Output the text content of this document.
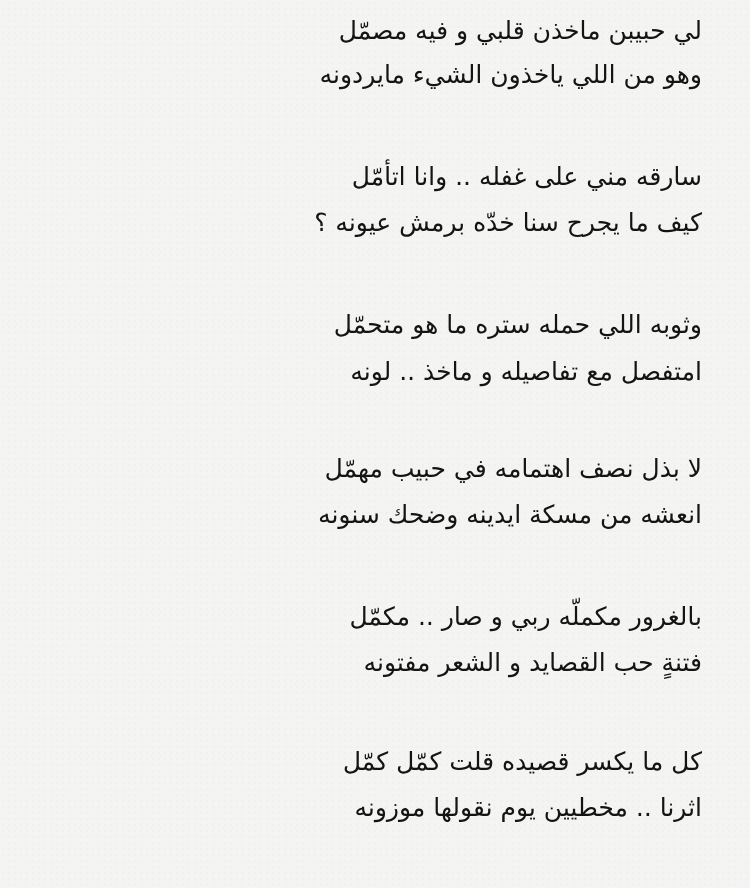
لي حبيبن ماخذن قلبي و فيه مصمّل
وهو من اللي ياخذون الشيء مايردونه
سارقه مني على غفله .. وانا اتأمّل
كيف ما يجرح سنا خدّه برمش عيونه ؟
وثوبه اللي حمله ستره ما هو متحمّل
امتفصل مع تفاصيله و ماخذ .. لونه
لا بذل نصف اهتمامه في حبيب مهمّل
انعشه من مسكة ايدينه وضحك سنونه
بالغرور مكملّه ربي و صار .. مكمّل
فتنةٍ حب القصايد و الشعر مفتونه
كل ما يكسر قصيده قلت كمّل كمّل
اثرنا .. مخطيين يوم نقولها موزونه
